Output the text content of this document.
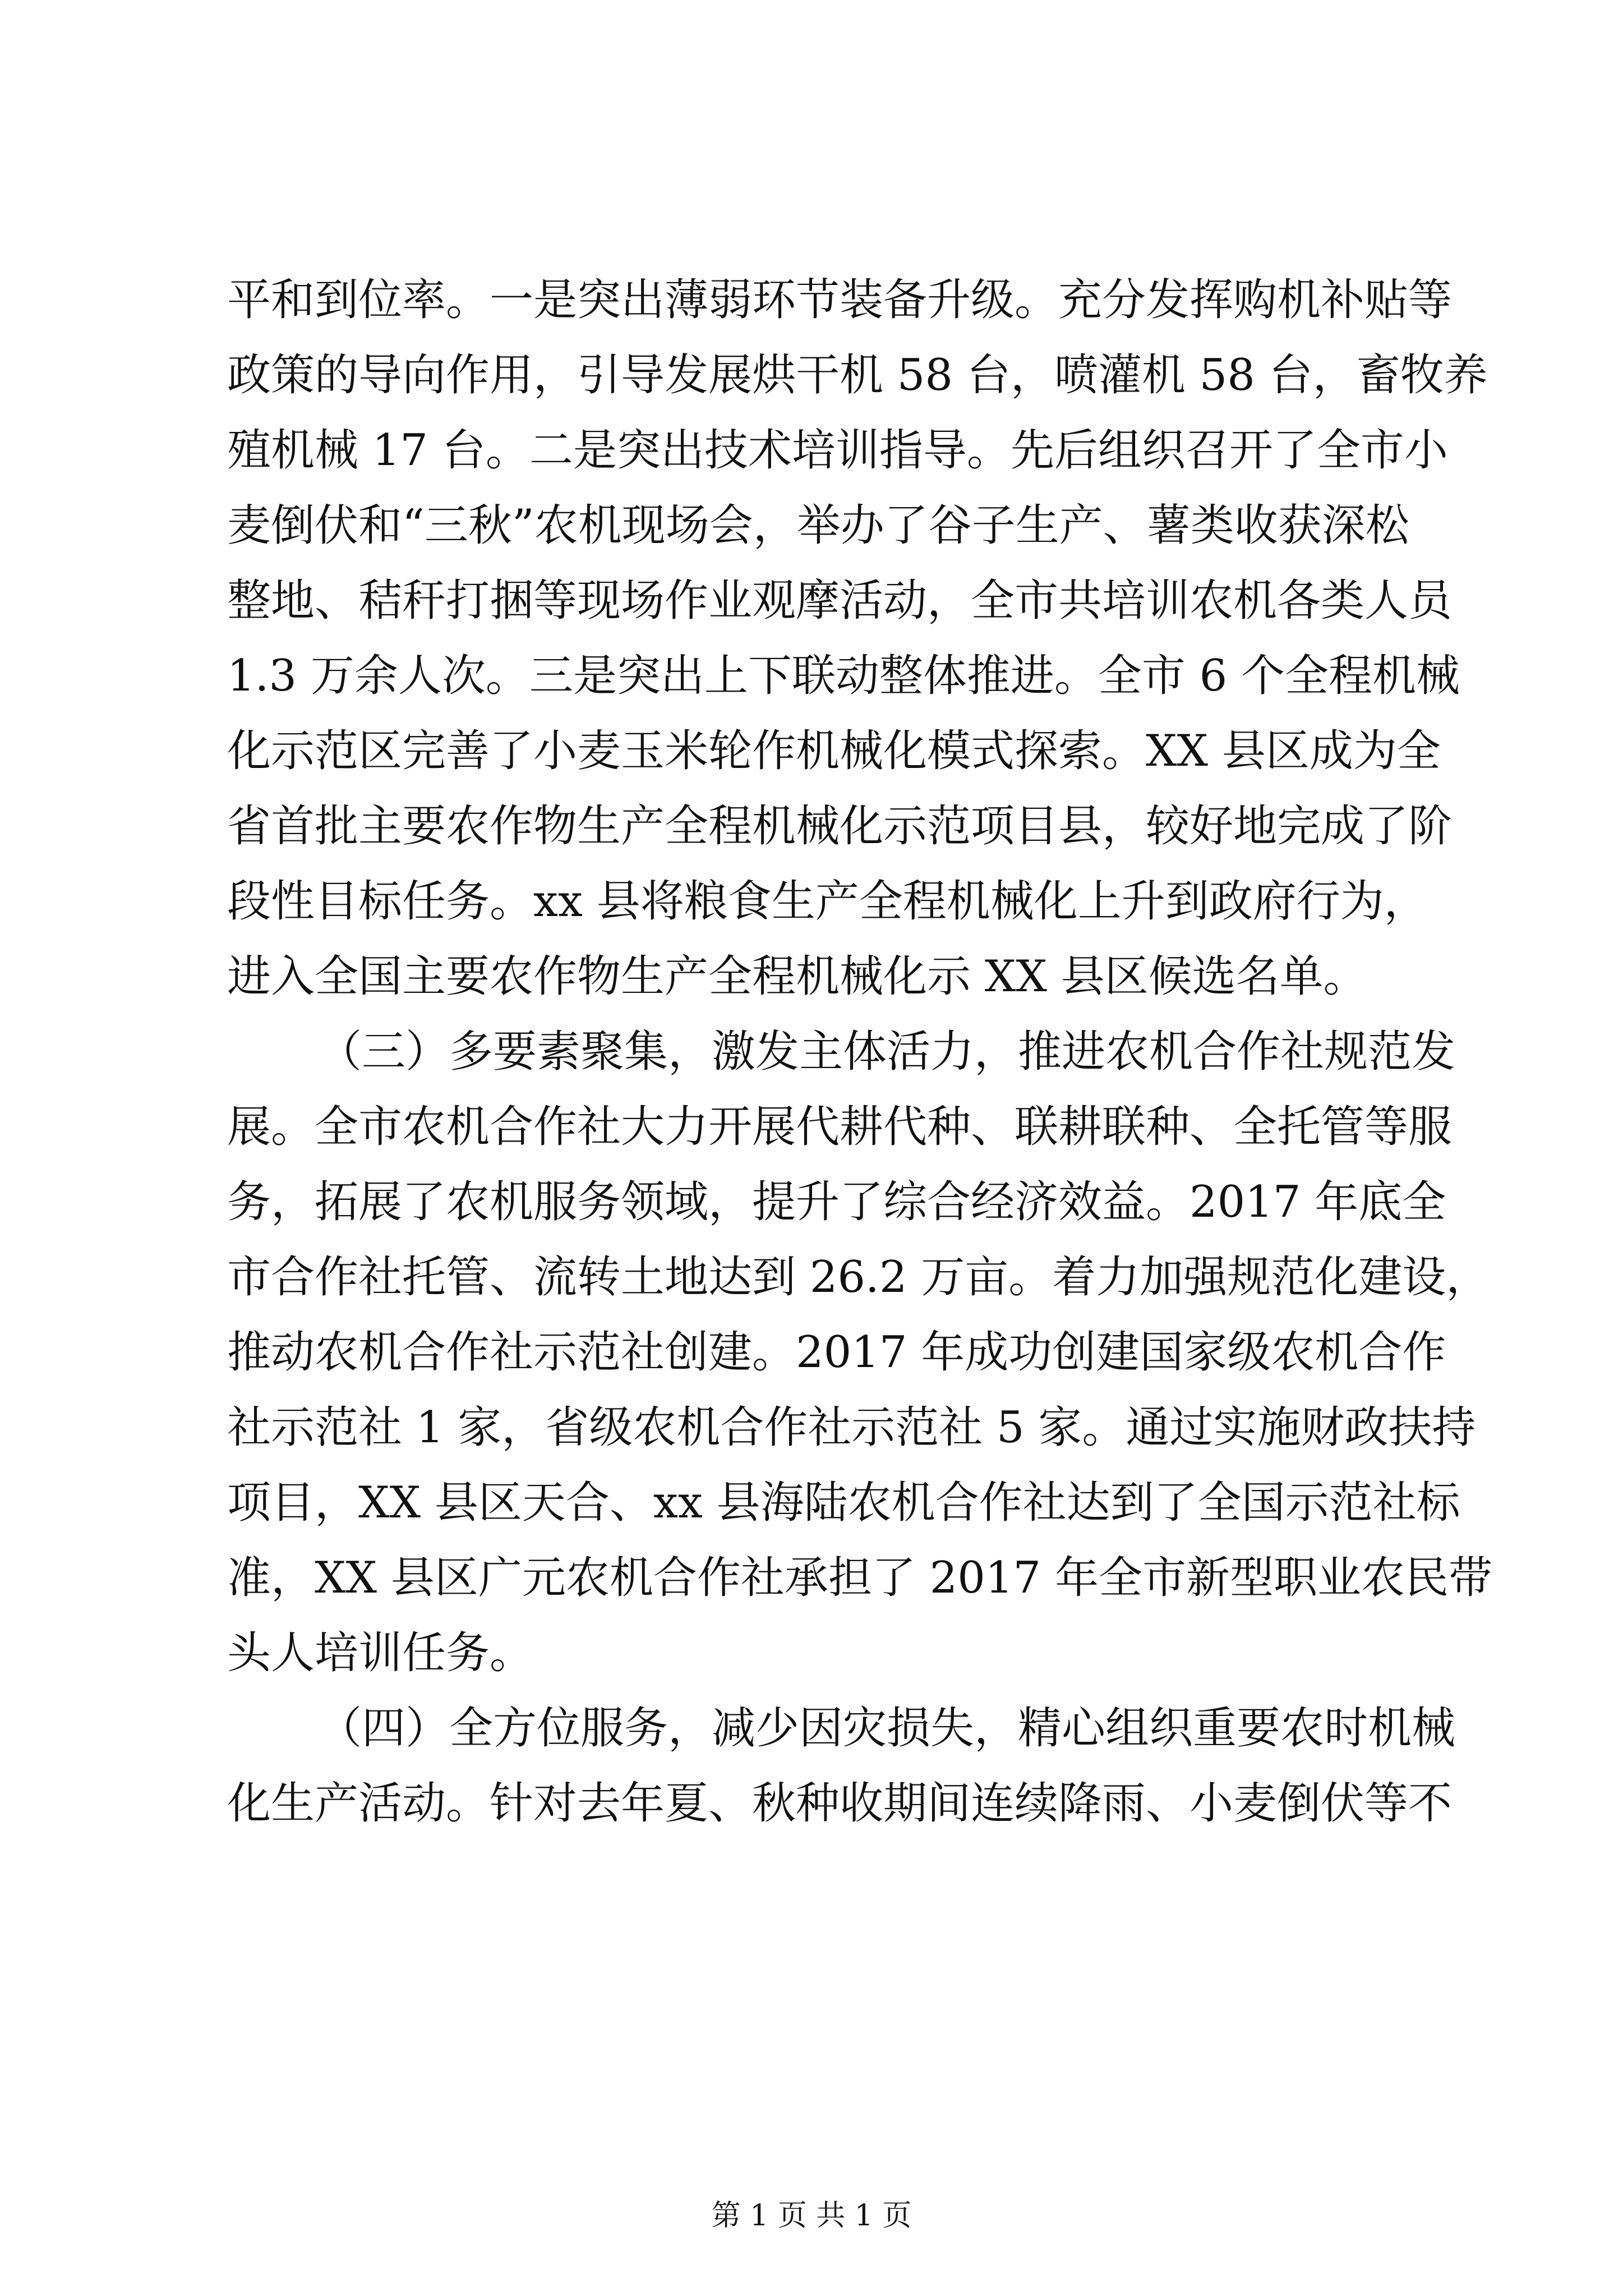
平和到位率。一是突出薄弱环节装备升级。充分发挥购机补贴等
政策的导向作用，引导发展烘干机 58 台，喷灌机 58 台，畜牧养
殖机械 17 台。二是突出技术培训指导。先后组织召开了全市小
麦倒伏和“三秋”农机现场会，举办了谷子生产、薯类收获深松
整地、秸秆打捆等现场作业观摩活动，全市共培训农机各类人员
1.3 万余人次。三是突出上下联动整体推进。全市 6 个全程机械
化示范区完善了小麦玉米轮作机械化模式探索。XX 县区成为全
省首批主要农作物生产全程机械化示范项目县，较好地完成了阶
段性目标任务。xx 县将粮食生产全程机械化上升到政府行为，
进入全国主要农作物生产全程机械化示 XX 县区候选名单。
（三）多要素聚集，激发主体活力，推进农机合作社规范发
展。全市农机合作社大力开展代耕代种、联耕联种、全托管等服
务，拓展了农机服务领域，提升了综合经济效益。2017 年底全
市合作社托管、流转土地达到 26.2 万亩。着力加强规范化建设，
推动农机合作社示范社创建。2017 年成功创建国家级农机合作
社示范社 1 家，省级农机合作社示范社 5 家。通过实施财政扶持
项目，XX 县区天合、xx 县海陆农机合作社达到了全国示范社标
准，XX 县区广元农机合作社承担了 2017 年全市新型职业农民带
头人培训任务。
（四）全方位服务，减少因灾损失，精心组织重要农时机械
化生产活动。针对去年夏、秋种收期间连续降雨、小麦倒伏等不
第 1 页 共 1 页
